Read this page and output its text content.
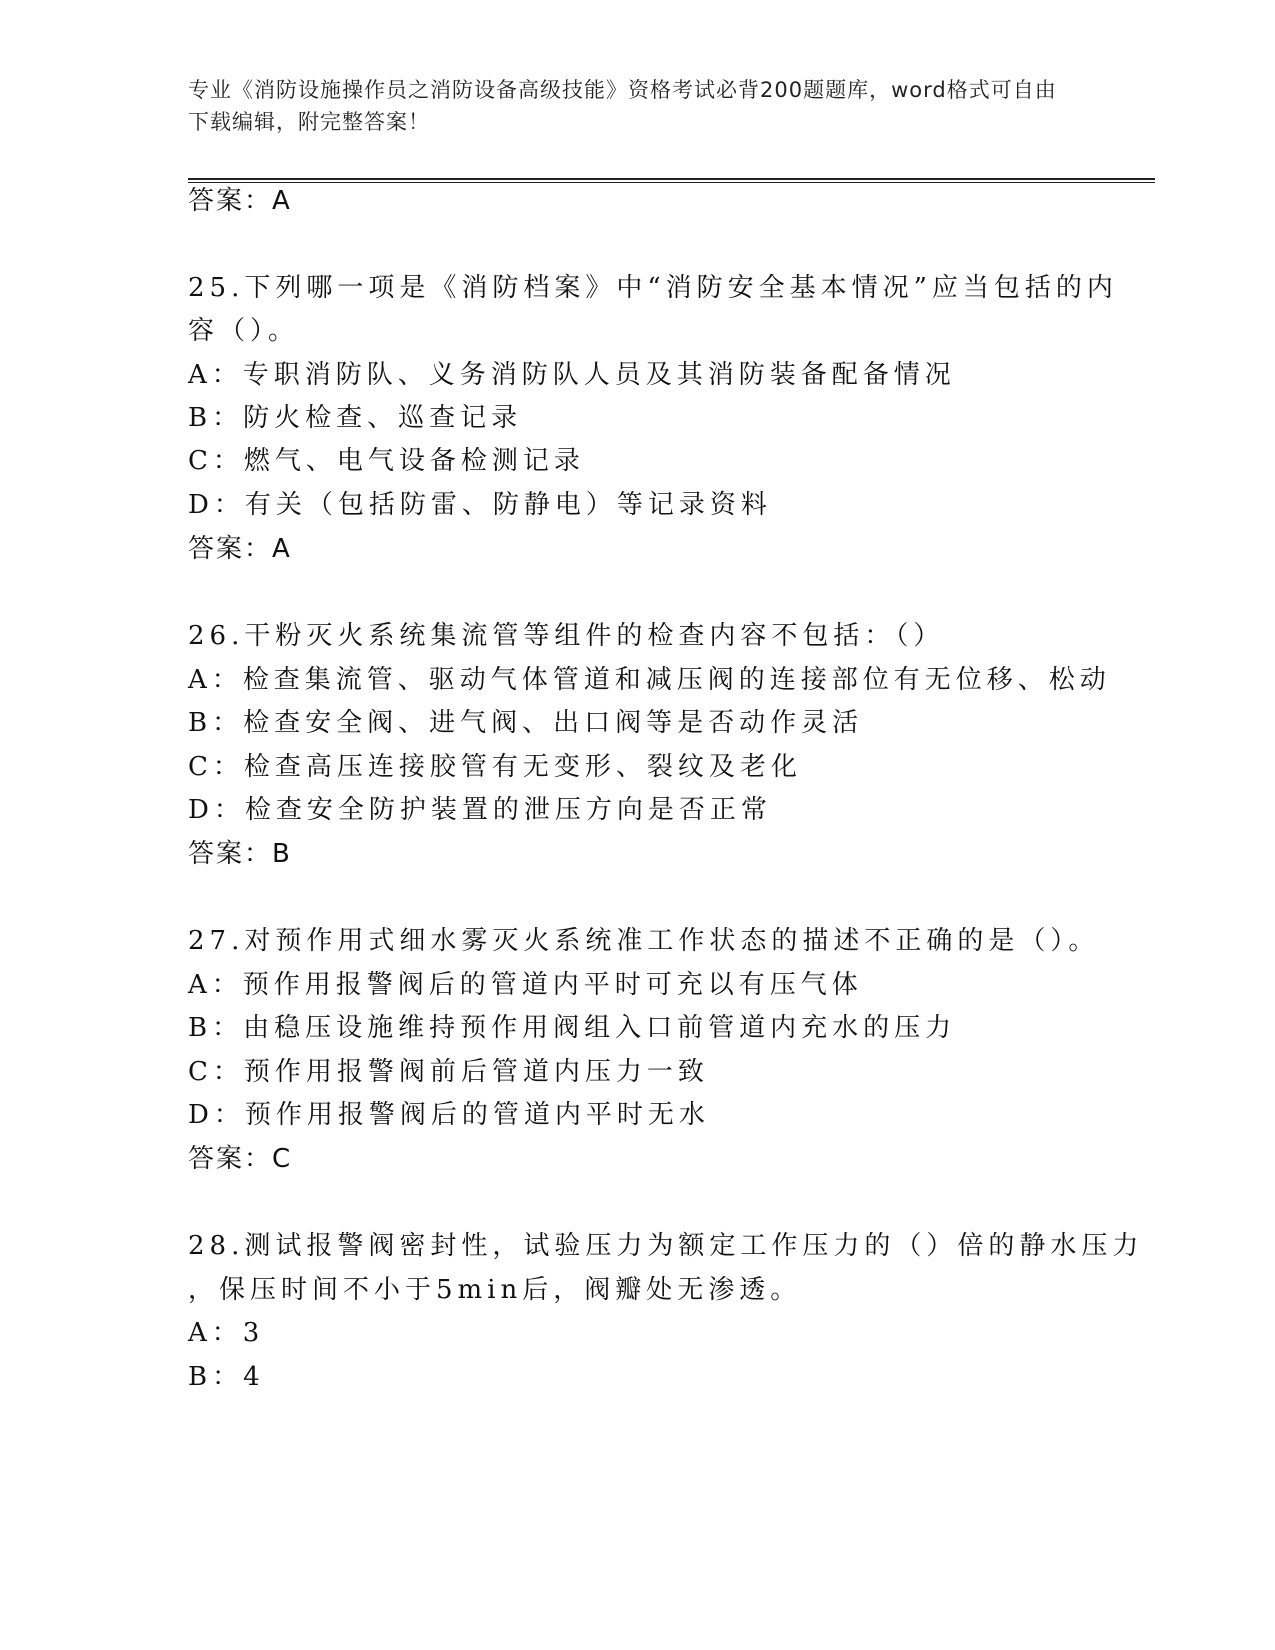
专业《消防设施操作员之消防设备高级技能》资格考试必背200题题库，word格式可自由下载编辑，附完整答案！
答案：A
25.下列哪一项是《消防档案》中“消防安全基本情况”应当包括的内
容（）。
A：专职消防队、义务消防队人员及其消防装备配备情况
B：防火检查、巡查记录
C：燃气、电气设备检测记录
D：有关（包括防雷、防静电）等记录资料
答案：A
26.干粉灭火系统集流管等组件的检查内容不包括：（）
A：检查集流管、驱动气体管道和减压阀的连接部位有无位移、松动
B：检查安全阀、进气阀、出口阀等是否动作灵活
C：检查高压连接胶管有无变形、裂纹及老化
D：检查安全防护装置的泄压方向是否正常
答案：B
27.对预作用式细水雾灭火系统准工作状态的描述不正确的是（）。
A：预作用报警阀后的管道内平时可充以有压气体
B：由稳压设施维持预作用阀组入口前管道内充水的压力
C：预作用报警阀前后管道内压力一致
D：预作用报警阀后的管道内平时无水
答案：C
28.测试报警阀密封性，试验压力为额定工作压力的（）倍的静水压力
，保压时间不小于5min后，阀瓣处无渗透。
A：3
B：4
